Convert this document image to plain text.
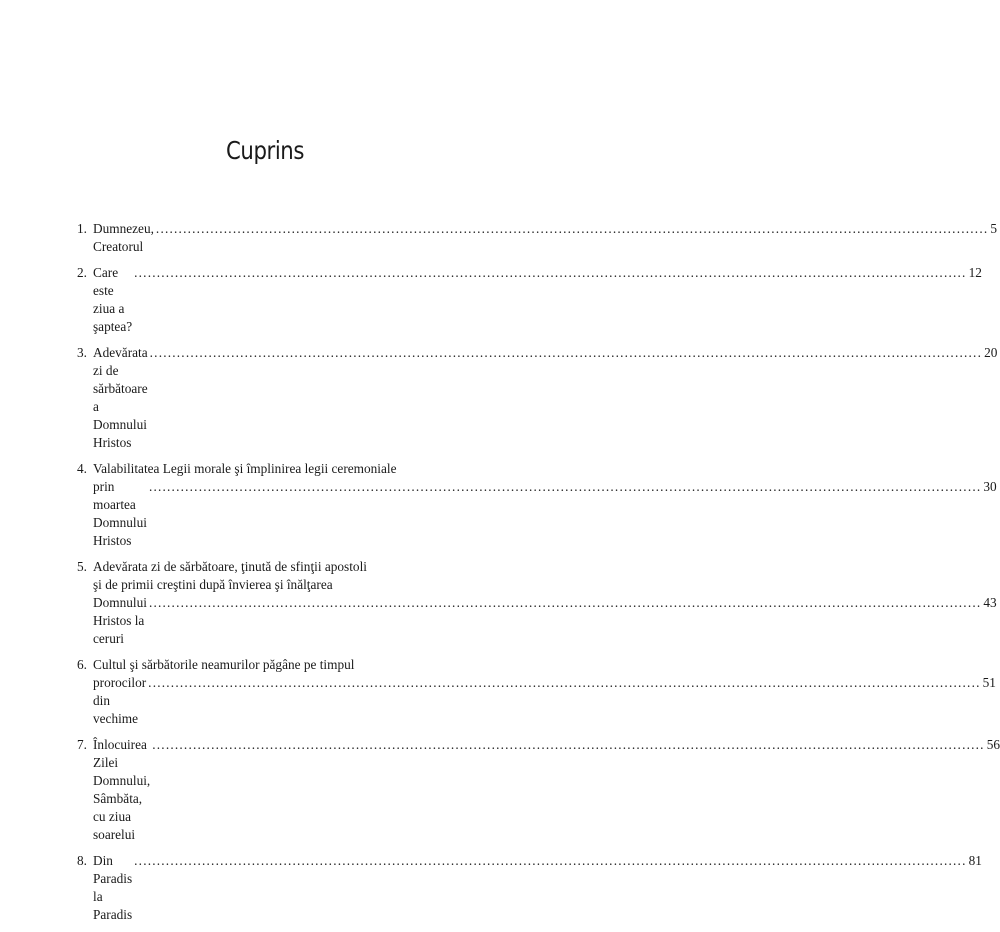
Cuprins
1. Dumnezeu, Creatorul
.....
5
2. Care este ziua a şaptea?
.....
12
3. Adevărata zi de sărbătoare a Domnului Hristos
.....
20
4. Valabilitatea Legii morale şi împlinirea legii ceremoniale
prin moartea Domnului Hristos
.....
30
5. Adevărata zi de sărbătoare, ţinută de sfinţii apostoli
şi de primii creştini după învierea şi înălţarea
Domnului Hristos la ceruri
.....
43
6. Cultul şi sărbătorile neamurilor păgâne pe timpul
prorocilor din vechime
.....
51
7. Înlocuirea Zilei Domnului, Sâmbăta, cu ziua soarelui
.....
56
8. Din Paradis la Paradis
.....
81
